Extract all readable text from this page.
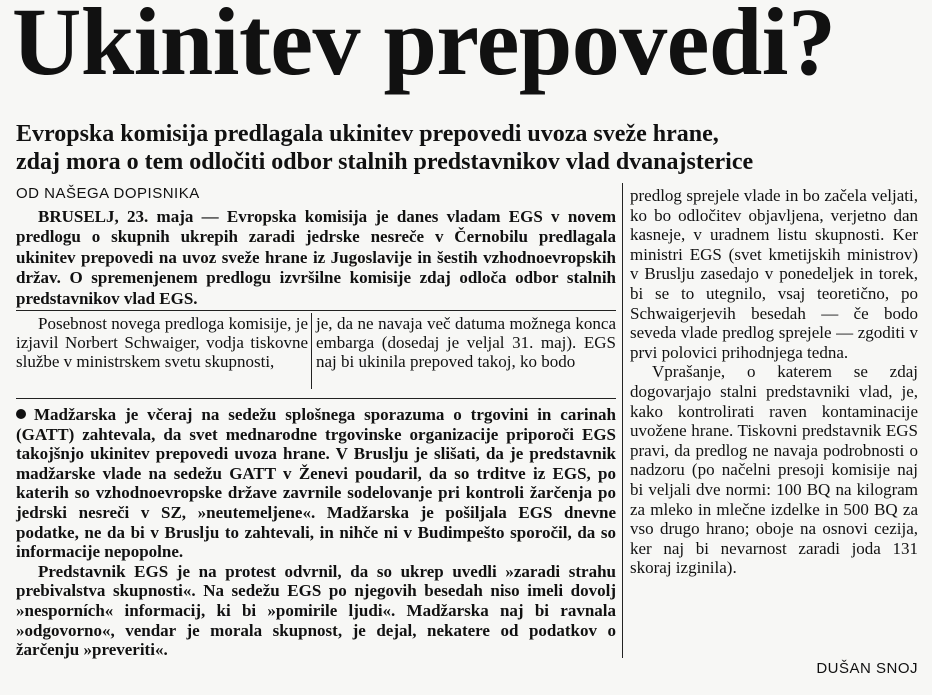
Ukinitev prepovedi?
Evropska komisija predlagala ukinitev prepovedi uvoza sveže hrane,
zdaj mora o tem odločiti odbor stalnih predstavnikov vlad dvanajsterice
OD NAŠEGA DOPISNIKA
BRUSELJ, 23. maja — Evropska komisija je danes vladam EGS v novem predlogu o skupnih ukrepih zaradi jedrske nesreče v Černobilu predlagala ukinitev prepovedi na uvoz sveže hrane iz Jugoslavije in šestih vzhodnoevropskih držav. O spremenjenem predlogu izvršilne komisije zdaj odloča odbor stalnih predstavnikov vlad EGS.
Posebnost novega predloga komisije, je izjavil Norbert Schwaiger, vodja tiskovne službe v ministrskem svetu skupnosti,
je, da ne navaja več datuma možnega konca embarga (dosedaj je veljal 31. maj). EGS naj bi ukinila prepoved takoj, ko bodo

Madžarska je včeraj na sedežu splošnega sporazuma o trgovini in carinah (GATT) zahtevala, da svet mednarodne trgovinske organizacije priporoči EGS takojšnjo ukinitev prepovedi uvoza hrane. V Bruslju je slišati, da je predstavnik madžarske vlade na sedežu GATT v Ženevi poudaril, da so trditve iz EGS, po katerih so vzhodnoevropske države zavrnile sodelovanje pri kontroli žarčenja po jedrski nesreči v SZ, »neutemeljene«. Madžarska je pošiljala EGS dnevne podatke, ne da bi v Bruslju to zahtevali, in nihče ni v Budimpešto sporočil, da so informacije nepopolne.

Predstavnik EGS je na protest odvrnil, da so ukrep uvedli »zaradi strahu prebivalstva skupnosti«. Na sedežu EGS po njegovih besedah niso imeli dovolj »nesporních« informacij, ki bi »pomirile ljudi«. Madžarska naj bi ravnala »odgovorno«, vendar je morala skupnost, je dejal, nekatere od podatkov o žarčenju »preveriti«.

predlog sprejele vlade in bo začela veljati, ko bo odločitev objavljena, verjetno dan kasneje, v uradnem listu skupnosti. Ker ministri EGS (svet kmetijskih ministrov) v Bruslju zasedajo v ponedeljek in torek, bi se to utegnilo, vsaj teoretično, po Schwaigerjevih besedah — če bodo seveda vlade predlog sprejele — zgoditi v prvi polovici prihodnjega tedna.

Vprašanje, o katerem se zdaj dogovarjajo stalni predstavniki vlad, je, kako kontrolirati raven kontaminacije uvožene hrane. Tiskovni predstavnik EGS pravi, da predlog ne navaja podrobnosti o nadzoru (po načelni presoji komisije naj bi veljali dve normi: 100 BQ na kilogram za mleko in mlečne izdelke in 500 BQ za vso drugo hrano; oboje na osnovi cezija, ker naj bi nevarnost zaradi joda 131 skoraj izginila).

DUŠAN SNOJ
